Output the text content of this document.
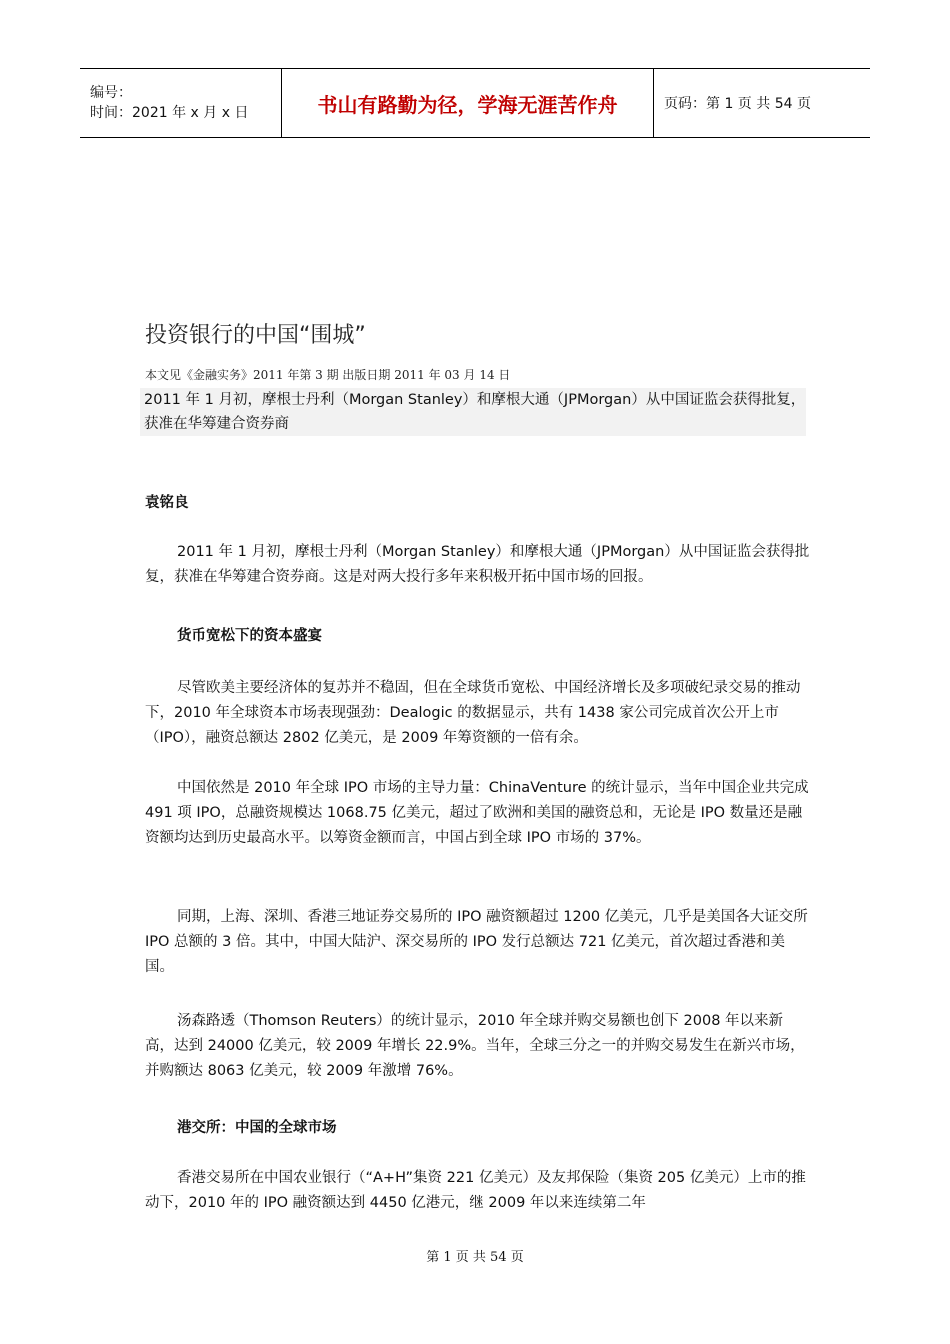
编号：
时间：2021 年 x 月 x 日	书山有路勤为径，学海无涯苦作舟	页码：第 1 页 共 54 页
投资银行的中国“围城”
本文见《金融实务》2011 年第 3 期 出版日期 2011 年 03 月 14 日
2011 年 1 月初，摩根士丹利（Morgan Stanley）和摩根大通（JPMorgan）从中国证监会获得批复，获准在华筹建合资券商
袁铭良
2011 年 1 月初，摩根士丹利（Morgan Stanley）和摩根大通（JPMorgan）从中国证监会获得批复，获准在华筹建合资券商。这是对两大投行多年来积极开拓中国市场的回报。
货币宽松下的资本盛宴
尽管欧美主要经济体的复苏并不稳固，但在全球货币宽松、中国经济增长及多项破纪录交易的推动下，2010 年全球资本市场表现强劲：Dealogic 的数据显示，共有 1438 家公司完成首次公开上市（IPO），融资总额达 2802 亿美元，是 2009 年筹资额的一倍有余。
中国依然是 2010 年全球 IPO 市场的主导力量：ChinaVenture 的统计显示，当年中国企业共完成 491 项 IPO，总融资规模达 1068.75 亿美元，超过了欧洲和美国的融资总和，无论是 IPO 数量还是融资额均达到历史最高水平。以筹资金额而言，中国占到全球 IPO 市场的 37%。
同期，上海、深圳、香港三地证券交易所的 IPO 融资额超过 1200 亿美元，几乎是美国各大证交所 IPO 总额的 3 倍。其中，中国大陆沪、深交易所的 IPO 发行总额达 721 亿美元，首次超过香港和美国。
汤森路透（Thomson Reuters）的统计显示，2010 年全球并购交易额也创下 2008 年以来新高，达到 24000 亿美元，较 2009 年增长 22.9%。当年，全球三分之一的并购交易发生在新兴市场，并购额达 8063 亿美元，较 2009 年激增 76%。
港交所：中国的全球市场
香港交易所在中国农业银行（“A+H”集资 221 亿美元）及友邦保险（集资 205 亿美元）上市的推动下，2010 年的 IPO 融资额达到 4450 亿港元，继 2009 年以来连续第二年
第 1 页 共 54 页
